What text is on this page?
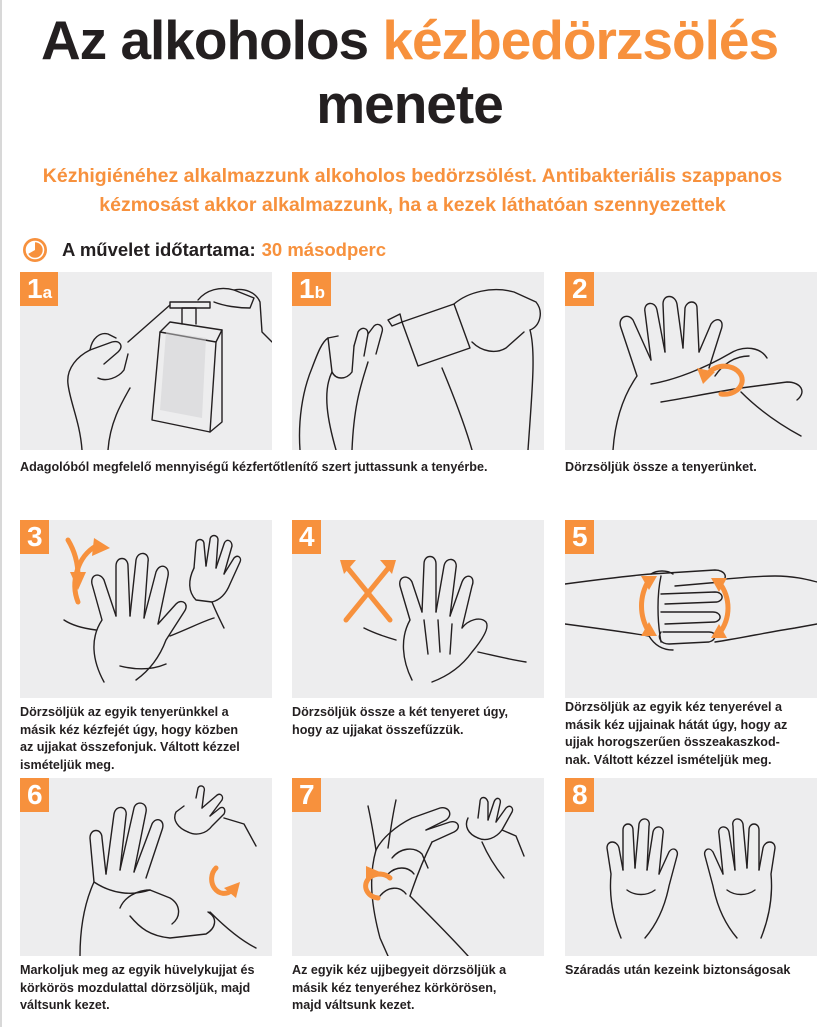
Az alkoholos kézbedörzsölés
menete
Kézhigiénéhez alkalmazzunk alkoholos bedörzsölést. Antibakteriális szappanos
kézmosást akkor alkalmazzunk, ha a kezek láthatóan szennyezettek
A művelet időtartama: 30 másodperc
1a	1b	2
Adagolóból megfelelő mennyiségű kézfertőtlenítő szert juttassunk a tenyérbe.	Dörzsöljük össze a tenyerünket.
3	4	5
Dörzsöljük az egyik tenyerünkkel a
másik kéz kézfejét úgy, hogy közben
az ujjakat összefonjuk. Váltott kézzel
ismételjük meg.
Dörzsöljük össze a két tenyeret úgy,
hogy az ujjakat összefűzzük.
Dörzsöljük az egyik kéz tenyerével a
másik kéz ujjainak hátát úgy, hogy az
ujjak horogszerűen összeakaszkod-
nak. Váltott kézzel ismételjük meg.
6	7	8
Markoljuk meg az egyik hüvelykujjat és
körkörös mozdulattal dörzsöljük, majd
váltsunk kezet.
Az egyik kéz ujjbegyeit dörzsöljük a
másik kéz tenyeréhez körkörösen,
majd váltsunk kezet.
Száradás után kezeink biztonságosak
